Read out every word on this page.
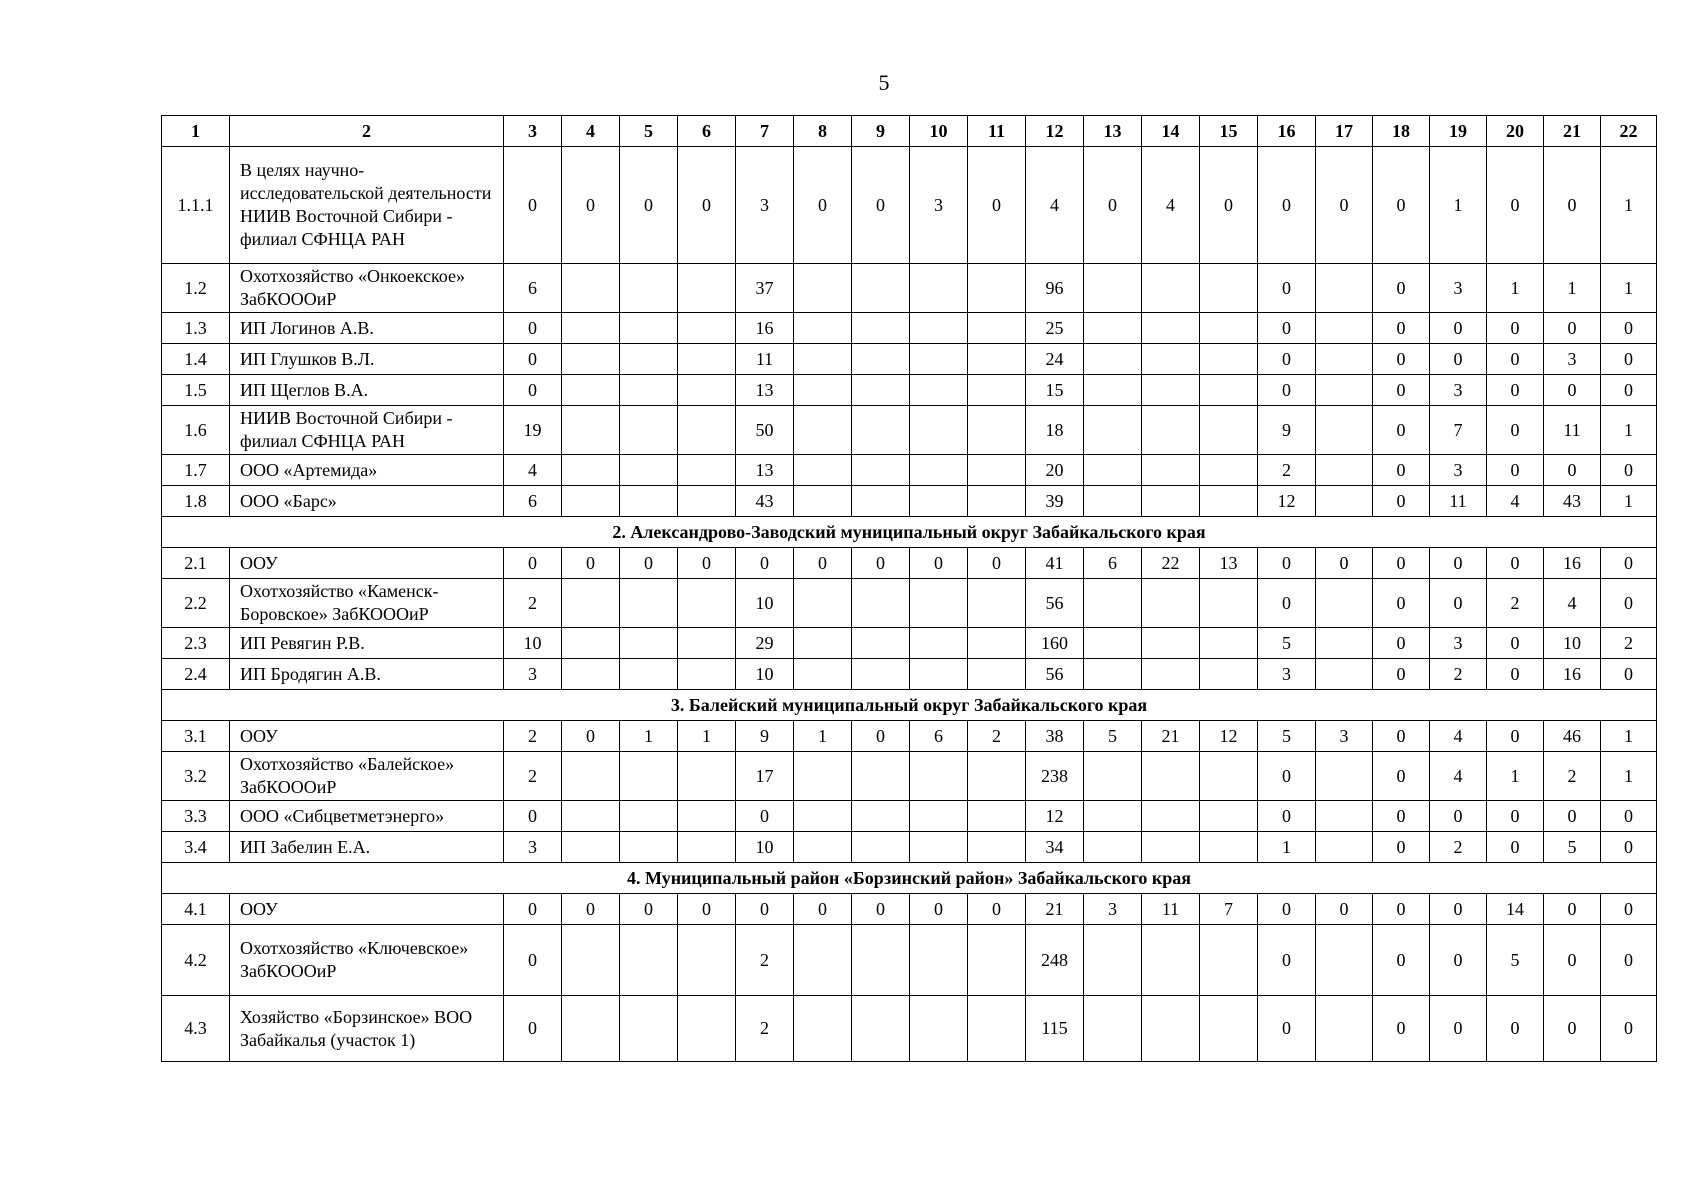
5
1	2	3	4	5	6	7	8	9	10	11	12	13	14	15	16	17	18	19	20	21	22
1.1.1	В целях научно-исследовательской деятельности НИИВ Восточной Сибири - филиал СФНЦА РАН	0	0	0	0	3	0	0	3	0	4	0	4	0	0	0	0	1	0	0	1
1.2	Охотхозяйство «Онкоекское» ЗабКОООиР	6				37					96				0		0	3	1	1	1
1.3	ИП Логинов А.В.	0				16					25				0		0	0	0	0	0
1.4	ИП Глушков В.Л.	0				11					24				0		0	0	0	3	0
1.5	ИП Щеглов В.А.	0				13					15				0		0	3	0	0	0
1.6	НИИВ Восточной Сибири - филиал СФНЦА РАН	19				50					18				9		0	7	0	11	1
1.7	ООО «Артемида»	4				13					20				2		0	3	0	0	0
1.8	ООО «Барс»	6				43					39				12		0	11	4	43	1
2. Александрово-Заводский муниципальный округ Забайкальского края																					
2.1	ООУ	0	0	0	0	0	0	0	0	0	41	6	22	13	0	0	0	0	0	16	0
2.2	Охотхозяйство «Каменск-Боровское» ЗабКОООиР	2				10					56				0		0	0	2	4	0
2.3	ИП Ревягин Р.В.	10				29					160				5		0	3	0	10	2
2.4	ИП Бродягин А.В.	3				10					56				3		0	2	0	16	0
3. Балейский муниципальный округ Забайкальского края																					
3.1	ООУ	2	0	1	1	9	1	0	6	2	38	5	21	12	5	3	0	4	0	46	1
3.2	Охотхозяйство «Балейское» ЗабКОООиР	2				17					238				0		0	4	1	2	1
3.3	ООО «Сибцветметэнерго»	0				0					12				0		0	0	0	0	0
3.4	ИП Забелин Е.А.	3				10					34				1		0	2	0	5	0
4. Муниципальный район «Борзинский район» Забайкальского края																					
4.1	ООУ	0	0	0	0	0	0	0	0	0	21	3	11	7	0	0	0	0	14	0	0
4.2	Охотхозяйство «Ключевское» ЗабКОООиР	0				2					248				0		0	0	5	0	0
4.3	Хозяйство «Борзинское» ВОО Забайкалья (участок 1)	0				2					115				0		0	0	0	0	0
